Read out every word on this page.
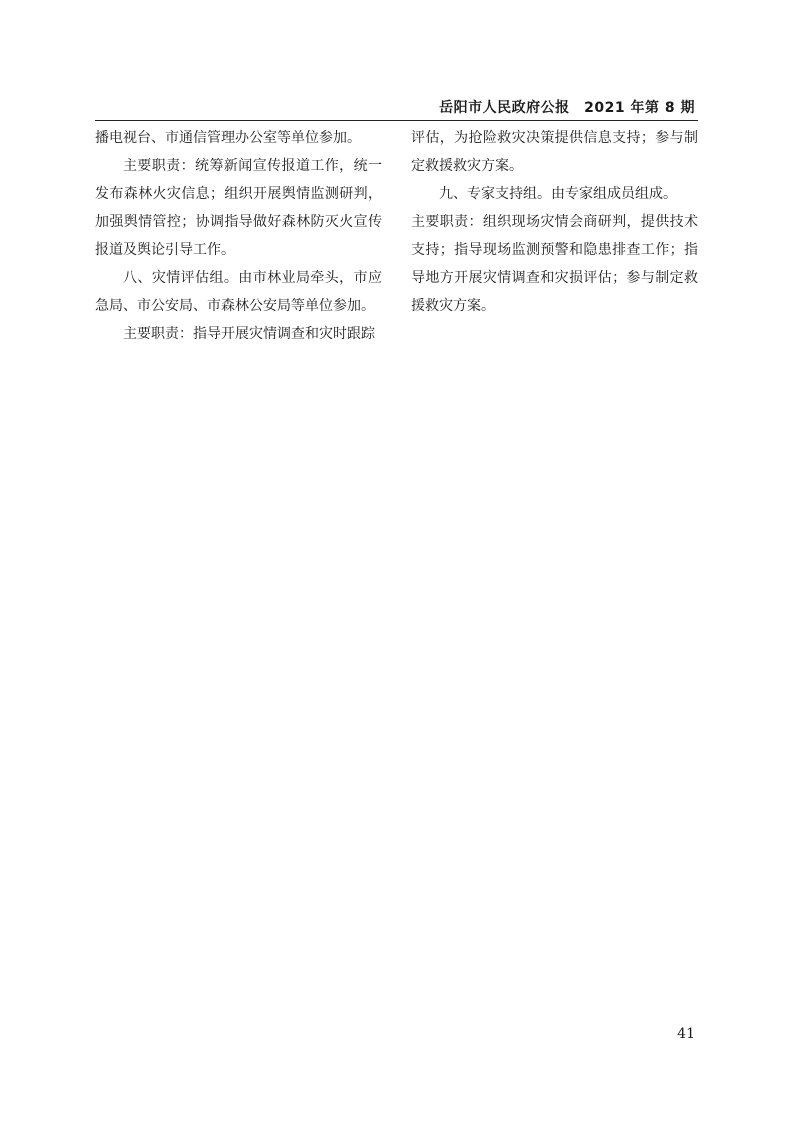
岳阳市人民政府公报　2021 年第 8 期

播电视台、市通信管理办公室等单位参加。

主要职责：统筹新闻宣传报道工作，统一发布森林火灾信息；组织开展舆情监测研判，加强舆情管控；协调指导做好森林防灭火宣传报道及舆论引导工作。

八、灾情评估组。由市林业局牵头，市应急局、市公安局、市森林公安局等单位参加。

主要职责：指导开展灾情调查和灾时跟踪

评估，为抢险救灾决策提供信息支持；参与制定救援救灾方案。

九、专家支持组。由专家组成员组成。

主要职责：组织现场灾情会商研判，提供技术支持；指导现场监测预警和隐患排查工作；指导地方开展灾情调查和灾损评估；参与制定救援救灾方案。

41
